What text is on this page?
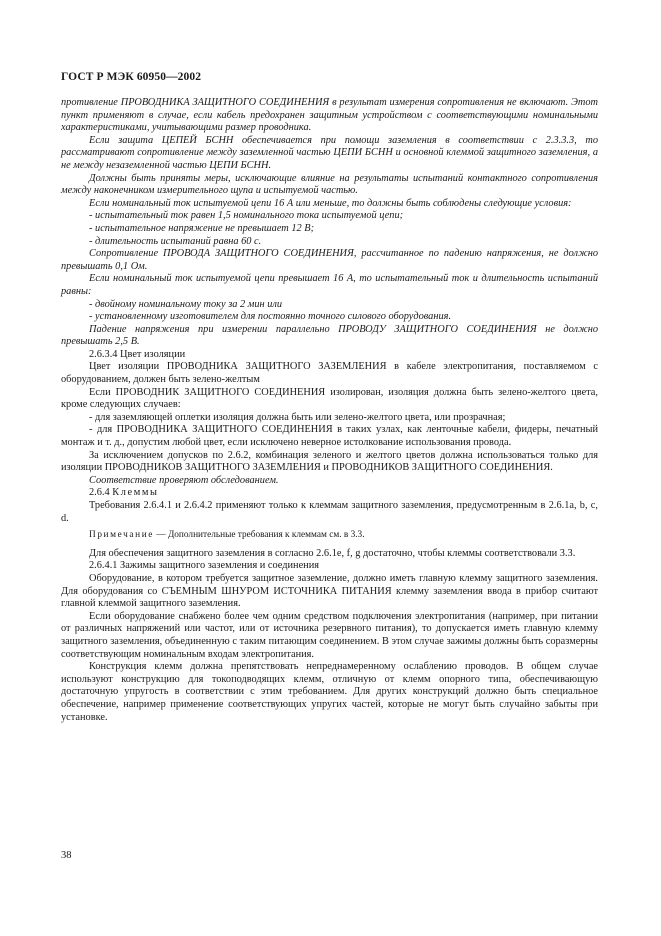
ГОСТ Р МЭК 60950—2002

противление ПРОВОДНИКА ЗАЩИТНОГО СОЕДИНЕНИЯ в результат измерения сопротивления не включают. Этот пункт применяют в случае, если кабель предохранен защитным устройством с соответствующими номинальными характеристиками, учитывающими размер проводника.

Если защита ЦЕПЕЙ БСНН обеспечивается при помощи заземления в соответствии с 2.3.3.3, то рассматривают сопротивление между заземленной частью ЦЕПИ БСНН и основной клеммой защитного заземления, а не между незаземленной частью ЦЕПИ БСНН.

Должны быть приняты меры, исключающие влияние на результаты испытаний контактного сопротивления между наконечником измерительного щупа и испытуемой частью.

Если номинальный ток испытуемой цепи 16 А или меньше, то должны быть соблюдены следующие условия:

- испытательный ток равен 1,5 номинального тока испытуемой цепи;

- испытательное напряжение не превышает 12 В;

- длительность испытаний равна 60 с.

Сопротивление ПРОВОДА ЗАЩИТНОГО СОЕДИНЕНИЯ, рассчитанное по падению напряжения, не должно превышать 0,1 Ом.

Если номинальный ток испытуемой цепи превышает 16 А, то испытательный ток и длительность испытаний равны:

- двойному номинальному току за 2 мин или

- установленному изготовителем для постоянно точного силового оборудования.

Падение напряжения при измерении параллельно ПРОВОДУ ЗАЩИТНОГО СОЕДИНЕНИЯ не должно превышать 2,5 В.

2.6.3.4 Цвет изоляции

Цвет изоляции ПРОВОДНИКА ЗАЩИТНОГО ЗАЗЕМЛЕНИЯ в кабеле электропитания, поставляемом с оборудованием, должен быть зелено-желтым

Если ПРОВОДНИК ЗАЩИТНОГО СОЕДИНЕНИЯ изолирован, изоляция должна быть зелено-желтого цвета, кроме следующих случаев:

- для заземляющей оплетки изоляция должна быть или зелено-желтого цвета, или прозрачная;

- для ПРОВОДНИКА ЗАЩИТНОГО СОЕДИНЕНИЯ в таких узлах, как ленточные кабели, фидеры, печатный монтаж и т. д., допустим любой цвет, если исключено неверное истолкование использования провода.

За исключением допусков по 2.6.2, комбинация зеленого и желтого цветов должна использоваться только для изоляции ПРОВОДНИКОВ ЗАЩИТНОГО ЗАЗЕМЛЕНИЯ и ПРОВОДНИКОВ ЗАЩИТНОГО СОЕДИНЕНИЯ.

Соответствие проверяют обследованием.

2.6.4 Клеммы

Требования 2.6.4.1 и 2.6.4.2 применяют только к клеммам защитного заземления, предусмотренным в 2.6.1а, b, c, d.

Примечание — Дополнительные требования к клеммам см. в 3.3.

Для обеспечения защитного заземления в согласно 2.6.1e, f, g достаточно, чтобы клеммы соответствовали 3.3.

2.6.4.1 Зажимы защитного заземления и соединения

Оборудование, в котором требуется защитное заземление, должно иметь главную клемму защитного заземления. Для оборудования со СЪЕМНЫМ ШНУРОМ ИСТОЧНИКА ПИТАНИЯ клемму заземления ввода в прибор считают главной клеммой защитного заземления.

Если оборудование снабжено более чем одним средством подключения электропитания (например, при питании от различных напряжений или частот, или от источника резервного питания), то допускается иметь главную клемму защитного заземления, объединенную с таким питающим соединением. В этом случае зажимы должны быть соразмерны соответствующим номинальным входам электропитания.

Конструкция клемм должна препятствовать непреднамеренному ослаблению проводов. В общем случае используют конструкцию для токоподводящих клемм, отличную от клемм опорного типа, обеспечивающую достаточную упругость в соответствии с этим требованием. Для других конструкций должно быть специальное обеспечение, например применение соответствующих упругих частей, которые не могут быть случайно забыты при установке.

38
